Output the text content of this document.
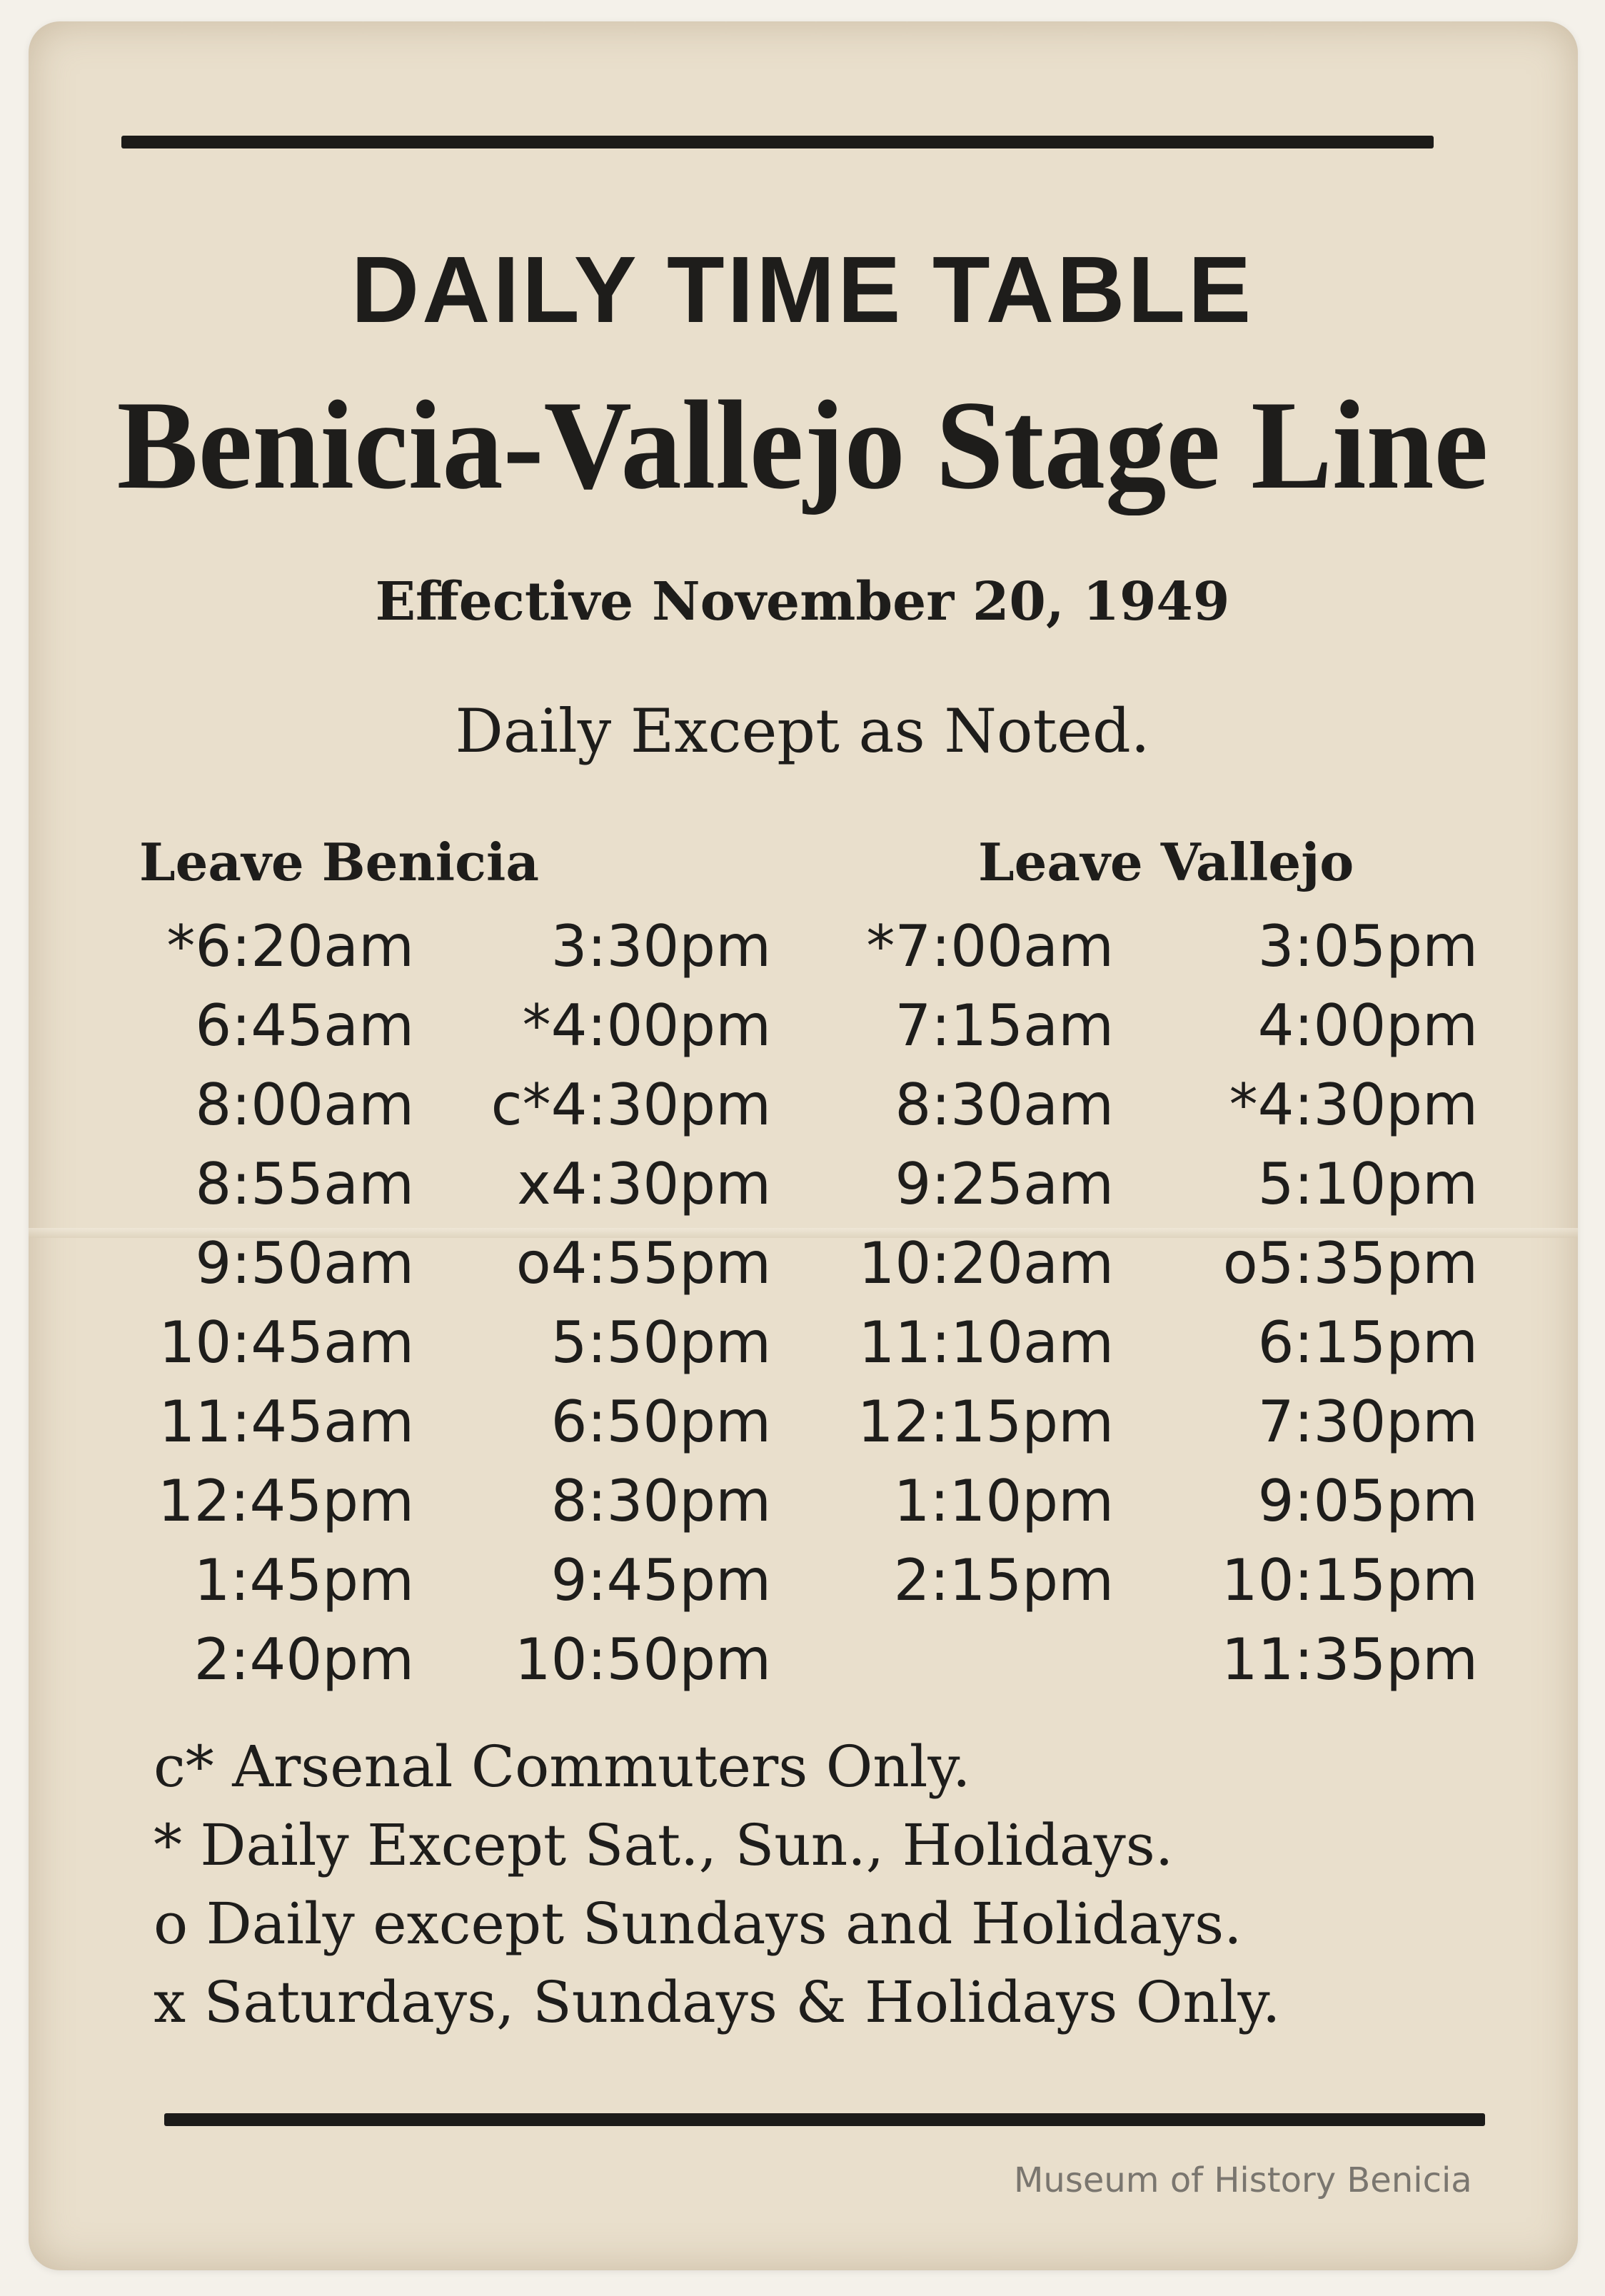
DAILY TIME TABLE
Benicia-Vallejo Stage Line
Effective November 20, 1949
Daily Except as Noted.
Leave Benicia	Leave Vallejo
*6:20am
6:45am
8:00am
8:55am
9:50am
10:45am
11:45am
12:45pm
1:45pm
2:40pm
3:30pm
*4:00pm
c*4:30pm
x4:30pm
o4:55pm
5:50pm
6:50pm
8:30pm
9:45pm
10:50pm
*7:00am
7:15am
8:30am
9:25am
10:20am
11:10am
12:15pm
1:10pm
2:15pm
3:05pm
4:00pm
*4:30pm
5:10pm
o5:35pm
6:15pm
7:30pm
9:05pm
10:15pm
11:35pm
c* Arsenal Commuters Only.
* Daily Except Sat., Sun., Holidays.
o Daily except Sundays and Holidays.
x Saturdays, Sundays & Holidays Only.
Museum of History Benicia
